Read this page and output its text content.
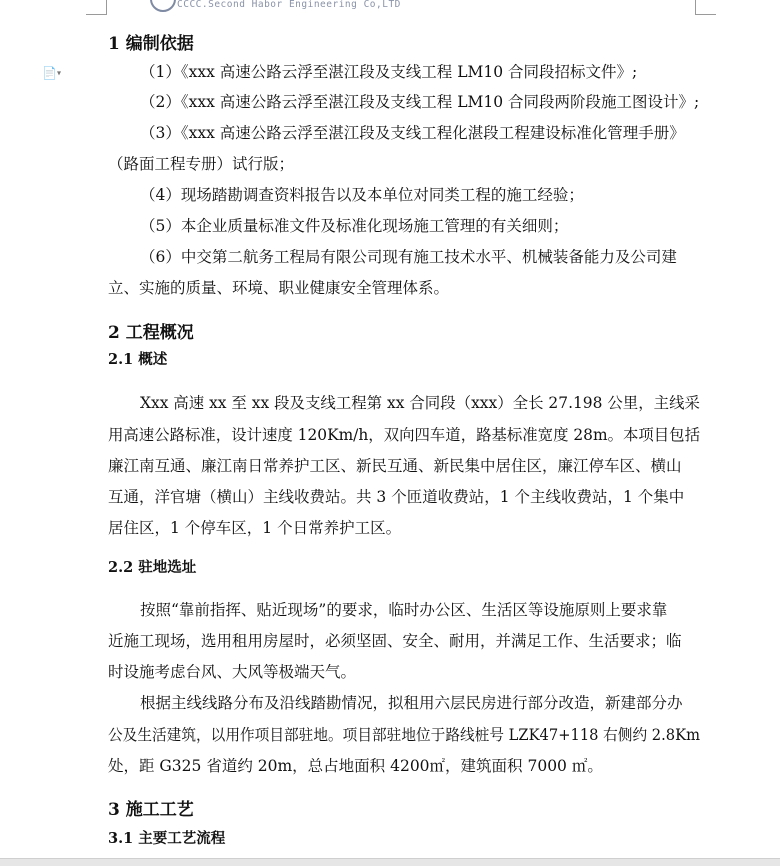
CCCC.Second Habor Engineering Co,LTD
📄▾
1 编制依据
（1）《xxx 高速公路云浮至湛江段及支线工程 LM10 合同段招标文件》;
（2）《xxx 高速公路云浮至湛江段及支线工程 LM10 合同段两阶段施工图设计》;
（3）《xxx 高速公路云浮至湛江段及支线工程化湛段工程建设标准化管理手册》
（路面工程专册）试行版；
（4）现场踏勘调查资料报告以及本单位对同类工程的施工经验；
（5）本企业质量标准文件及标准化现场施工管理的有关细则；
（6）中交第二航务工程局有限公司现有施工技术水平、机械装备能力及公司建
立、实施的质量、环境、职业健康安全管理体系。
2 工程概况
2.1 概述
Xxx 高速 xx 至 xx 段及支线工程第 xx 合同段（xxx）全长 27.198 公里，主线采
用高速公路标准，设计速度 120Km/h，双向四车道，路基标准宽度 28m。本项目包括
廉江南互通、廉江南日常养护工区、新民互通、新民集中居住区，廉江停车区、横山
互通，洋官塘（横山）主线收费站。共 3 个匝道收费站，1 个主线收费站，1 个集中
居住区，1 个停车区，1 个日常养护工区。
2.2 驻地选址
按照“靠前指挥、贴近现场”的要求，临时办公区、生活区等设施原则上要求靠
近施工现场，选用租用房屋时，必须坚固、安全、耐用，并满足工作、生活要求；临
时设施考虑台风、大风等极端天气。
根据主线线路分布及沿线踏勘情况，拟租用六层民房进行部分改造，新建部分办
公及生活建筑，以用作项目部驻地。项目部驻地位于路线桩号 LZK47+118 右侧约 2.8Km
处，距 G325 省道约 20m，总占地面积 4200㎡，建筑面积 7000 ㎡。
3 施工工艺
3.1 主要工艺流程
